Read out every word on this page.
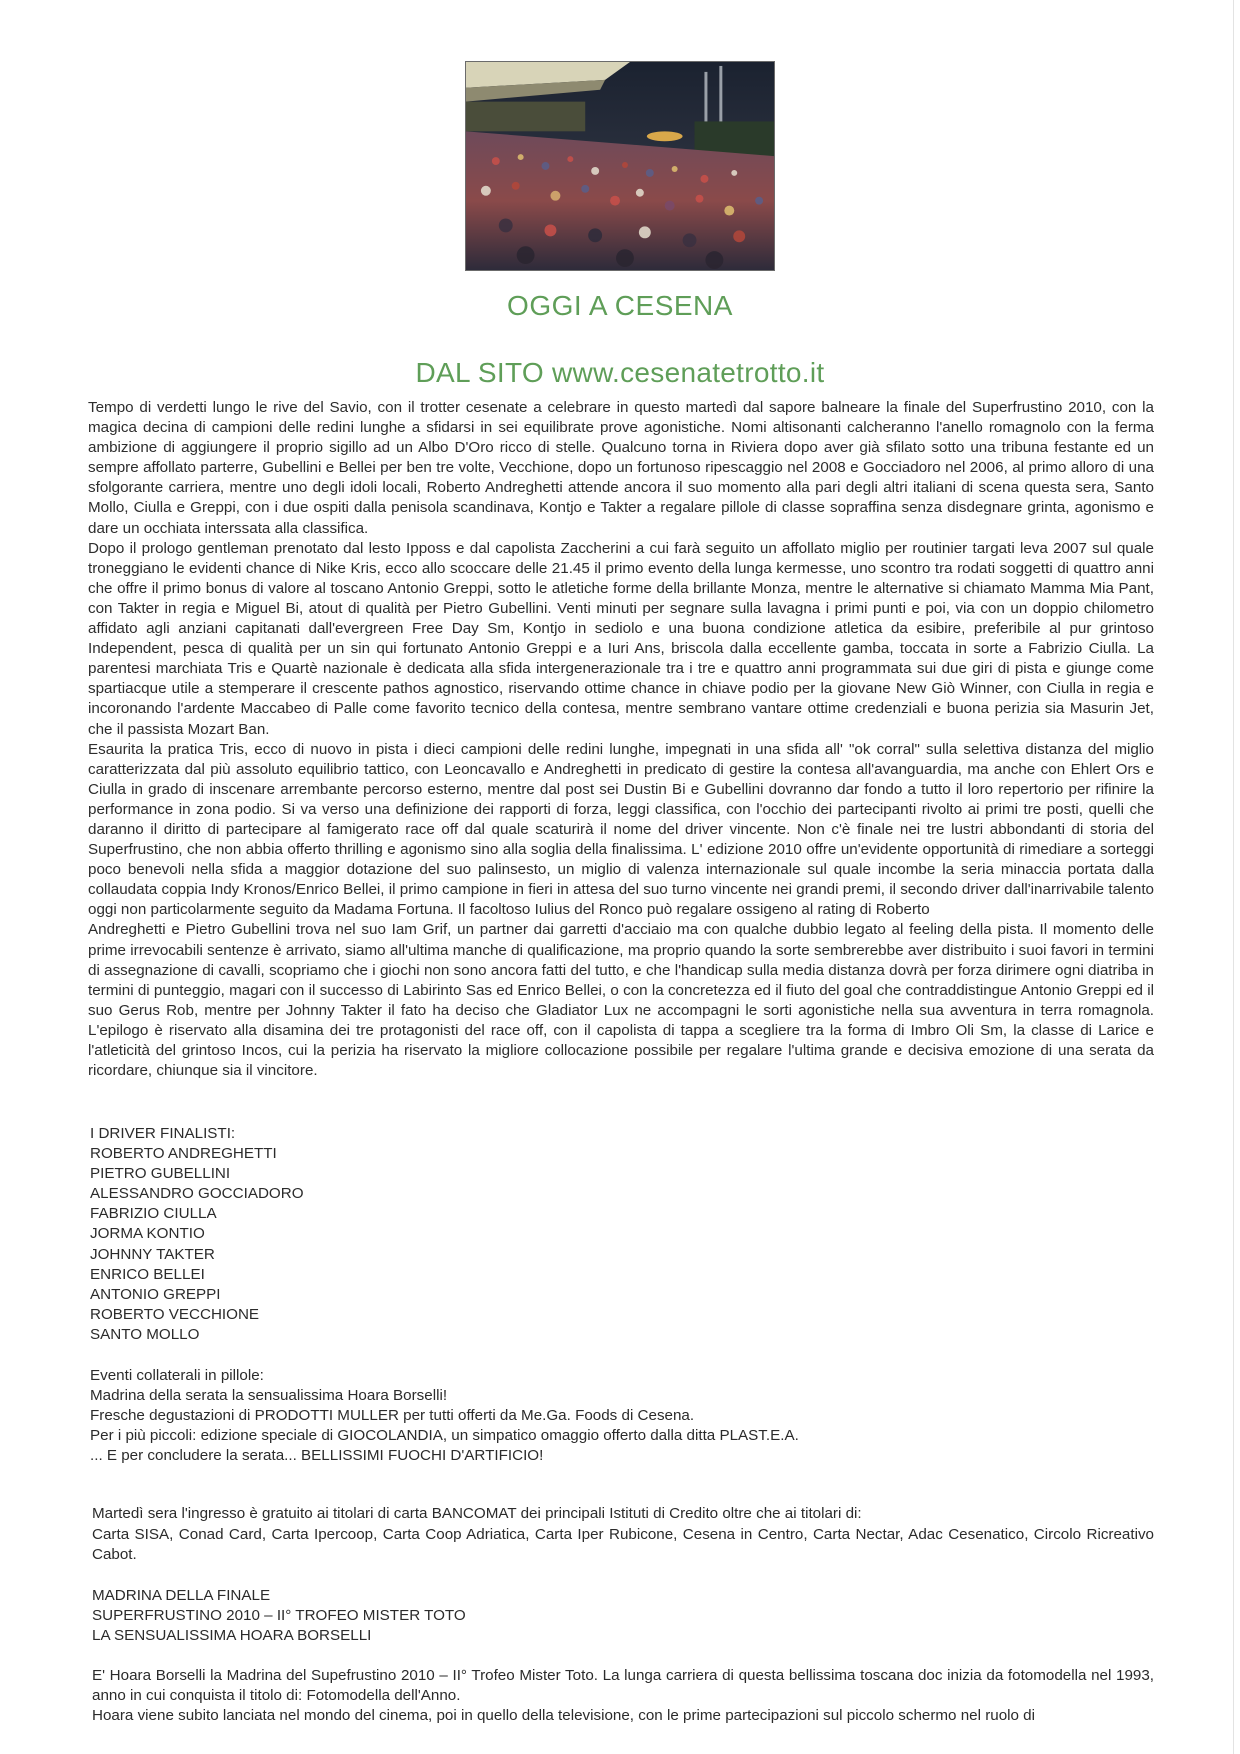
OGGI A CESENA
DAL SITO www.cesenatetrotto.it

Tempo di verdetti lungo le rive del Savio, con il trotter cesenate a celebrare in questo martedì dal sapore balneare la finale del Superfrustino 2010, con la magica decina di campioni delle redini lunghe a sfidarsi in sei equilibrate prove agonistiche. Nomi altisonanti calcheranno l'anello romagnolo con la ferma ambizione di aggiungere il proprio sigillo ad un Albo D'Oro ricco di stelle. Qualcuno torna in Riviera dopo aver già sfilato sotto una tribuna festante ed un sempre affollato parterre, Gubellini e Bellei per ben tre volte, Vecchione, dopo un fortunoso ripescaggio nel 2008 e Gocciadoro nel 2006, al primo alloro di una sfolgorante carriera, mentre uno degli idoli locali, Roberto Andreghetti attende ancora il suo momento alla pari degli altri italiani di scena questa sera, Santo Mollo, Ciulla e Greppi, con i due ospiti dalla penisola scandinava, Kontjo e Takter a regalare pillole di classe sopraffina senza disdegnare grinta, agonismo e dare un occhiata interssata alla classifica.

Dopo il prologo gentleman prenotato dal lesto Ipposs e dal capolista Zaccherini a cui farà seguito un affollato miglio per routinier targati leva 2007 sul quale troneggiano le evidenti chance di Nike Kris, ecco allo scoccare delle 21.45 il primo evento della lunga kermesse, uno scontro tra rodati soggetti di quattro anni che offre il primo bonus di valore al toscano Antonio Greppi, sotto le atletiche forme della brillante Monza, mentre le alternative si chiamato Mamma Mia Pant, con Takter in regia e Miguel Bi, atout di qualità per Pietro Gubellini. Venti minuti per segnare sulla lavagna i primi punti e poi, via con un doppio chilometro affidato agli anziani capitanati dall'evergreen Free Day Sm, Kontjo in sediolo e una buona condizione atletica da esibire, preferibile al pur grintoso Independent, pesca di qualità per un sin qui fortunato Antonio Greppi e a Iuri Ans, briscola dalla eccellente gamba, toccata in sorte a Fabrizio Ciulla. La parentesi marchiata Tris e Quartè nazionale è dedicata alla sfida intergenerazionale tra i tre e quattro anni programmata sui due giri di pista e giunge come spartiacque utile a stemperare il crescente pathos agnostico, riservando ottime chance in chiave podio per la giovane New Giò Winner, con Ciulla in regia e incoronando l'ardente Maccabeo di Palle come favorito tecnico della contesa, mentre sembrano vantare ottime credenziali e buona perizia sia Masurin Jet, che il passista Mozart Ban.

Esaurita la pratica Tris, ecco di nuovo in pista i dieci campioni delle redini lunghe, impegnati in una sfida all' "ok corral" sulla selettiva distanza del miglio caratterizzata dal più assoluto equilibrio tattico, con Leoncavallo e Andreghetti in predicato di gestire la contesa all'avanguardia, ma anche con Ehlert Ors e Ciulla in grado di inscenare arrembante percorso esterno, mentre dal post sei Dustin Bi e Gubellini dovranno dar fondo a tutto il loro repertorio per rifinire la performance in zona podio. Si va verso una definizione dei rapporti di forza, leggi classifica, con l'occhio dei partecipanti rivolto ai primi tre posti, quelli che daranno il diritto di partecipare al famigerato race off dal quale scaturirà il nome del driver vincente. Non c'è finale nei tre lustri abbondanti di storia del Superfrustino, che non abbia offerto thrilling e agonismo sino alla soglia della finalissima. L' edizione 2010 offre un'evidente opportunità di rimediare a sorteggi poco benevoli nella sfida a maggior dotazione del suo palinsesto, un miglio di valenza internazionale sul quale incombe la seria minaccia portata dalla collaudata coppia Indy Kronos/Enrico Bellei, il primo campione in fieri in attesa del suo turno vincente nei grandi premi, il secondo driver dall'inarrivabile talento oggi non particolarmente seguito da Madama Fortuna. Il facoltoso Iulius del Ronco può regalare ossigeno al rating di Roberto

Andreghetti e Pietro Gubellini trova nel suo Iam Grif, un partner dai garretti d'acciaio ma con qualche dubbio legato al feeling della pista. Il momento delle prime irrevocabili sentenze è arrivato, siamo all'ultima manche di qualificazione, ma proprio quando la sorte sembrerebbe aver distribuito i suoi favori in termini di assegnazione di cavalli, scopriamo che i giochi non sono ancora fatti del tutto, e che l'handicap sulla media distanza dovrà per forza dirimere ogni diatriba in termini di punteggio, magari con il successo di Labirinto Sas ed Enrico Bellei, o con la concretezza ed il fiuto del goal che contraddistingue Antonio Greppi ed il suo Gerus Rob, mentre per Johnny Takter il fato ha deciso che Gladiator Lux ne accompagni le sorti agonistiche nella sua avventura in terra romagnola. L'epilogo è riservato alla disamina dei tre protagonisti del race off, con il capolista di tappa a scegliere tra la forma di Imbro Oli Sm, la classe di Larice e l'atleticità del grintoso Incos, cui la perizia ha riservato la migliore collocazione possibile per regalare l'ultima grande e decisiva emozione di una serata da ricordare, chiunque sia il vincitore.

I DRIVER FINALISTI:
ROBERTO ANDREGHETTI
PIETRO GUBELLINI
ALESSANDRO GOCCIADORO
FABRIZIO CIULLA
JORMA KONTIO
JOHNNY TAKTER
ENRICO BELLEI
ANTONIO GREPPI
ROBERTO VECCHIONE
SANTO MOLLO
Eventi collaterali in pillole:
Madrina della serata la sensualissima Hoara Borselli!
Fresche degustazioni di PRODOTTI MULLER per tutti offerti da Me.Ga. Foods di Cesena.
Per i più piccoli: edizione speciale di GIOCOLANDIA, un simpatico omaggio offerto dalla ditta PLAST.E.A.
... E per concludere la serata... BELLISSIMI FUOCHI D'ARTIFICIO!

Martedì sera l'ingresso è gratuito ai titolari di carta BANCOMAT dei principali Istituti di Credito oltre che ai titolari di:

Carta SISA, Conad Card, Carta Ipercoop, Carta Coop Adriatica, Carta Iper Rubicone, Cesena in Centro, Carta Nectar, Adac Cesenatico, Circolo Ricreativo Cabot.

MADRINA DELLA FINALE
SUPERFRUSTINO 2010 – II° TROFEO MISTER TOTO
LA SENSUALISSIMA HOARA BORSELLI

E' Hoara Borselli la Madrina del Supefrustino 2010 – II° Trofeo Mister Toto. La lunga carriera di questa bellissima toscana doc inizia da fotomodella nel 1993, anno in cui conquista il titolo di: Fotomodella dell'Anno.

Hoara viene subito lanciata nel mondo del cinema, poi in quello della televisione, con le prime partecipazioni sul piccolo schermo nel ruolo di
